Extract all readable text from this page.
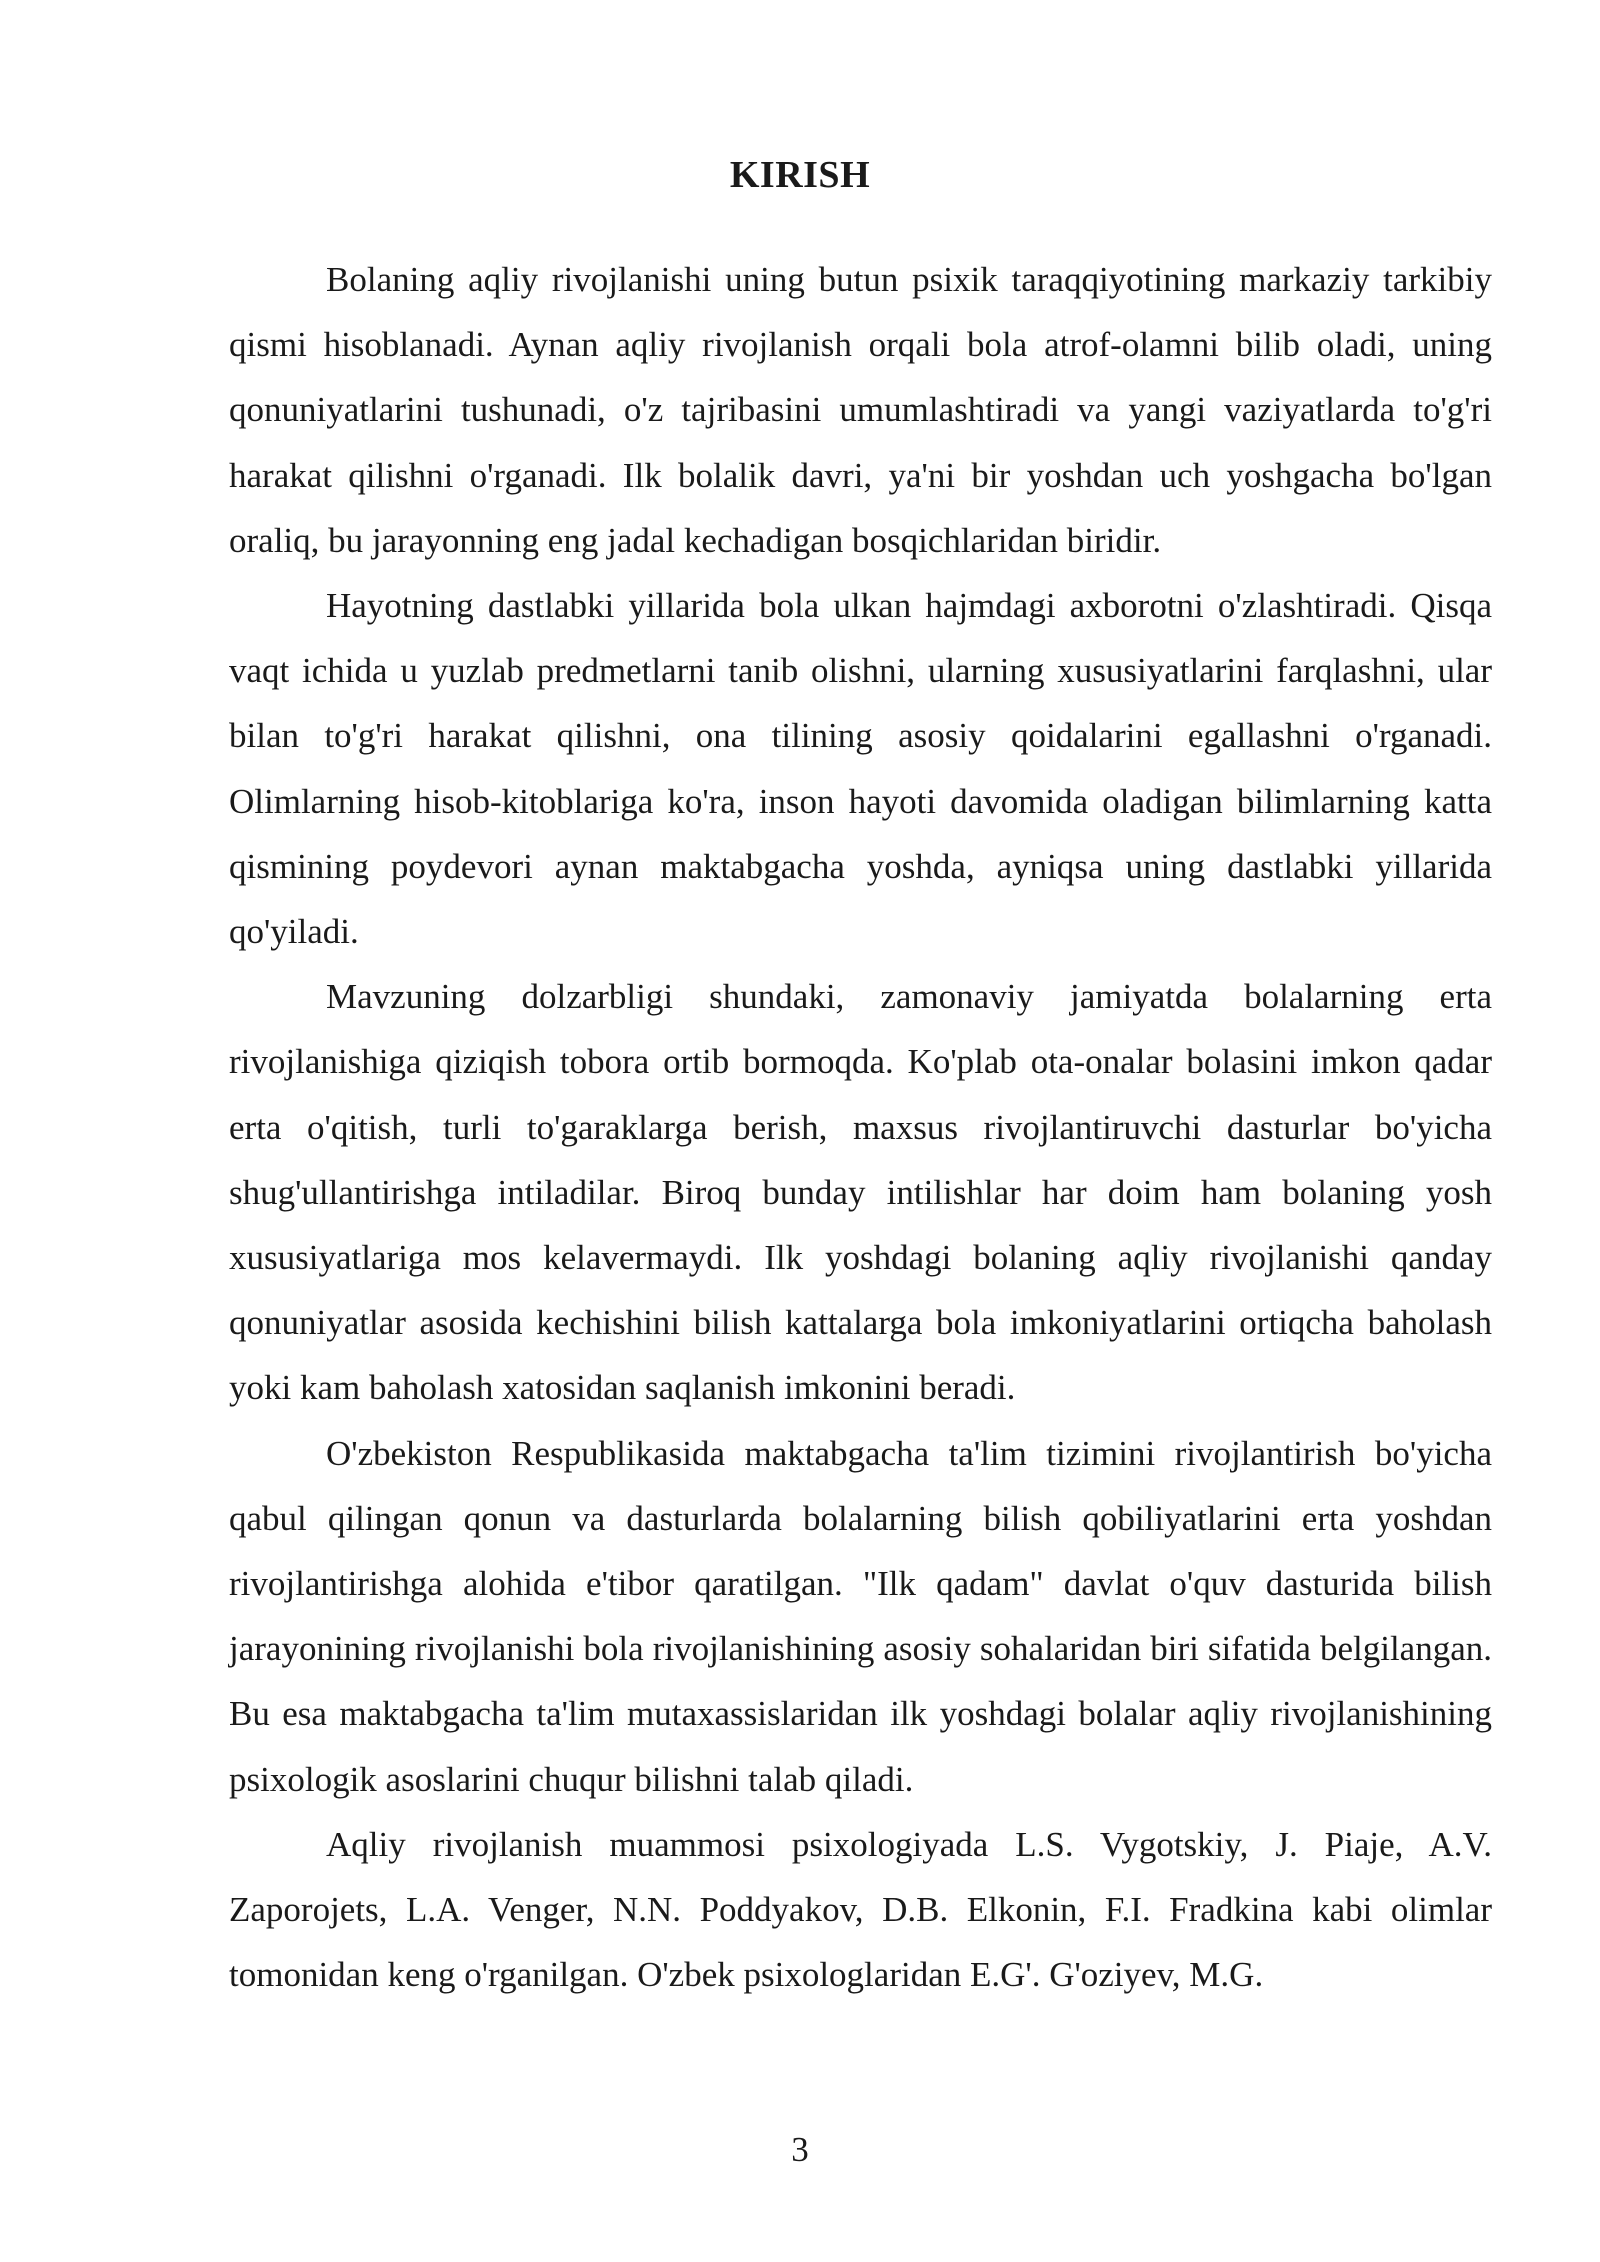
KIRISH

Bolaning aqliy rivojlanishi uning butun psixik taraqqiyotining markaziy tarkibiy qismi hisoblanadi. Aynan aqliy rivojlanish orqali bola atrof-olamni bilib oladi, uning qonuniyatlarini tushunadi, o'z tajribasini umumlashtiradi va yangi vaziyatlarda to'g'ri harakat qilishni o'rganadi. Ilk bolalik davri, ya'ni bir yoshdan uch yoshgacha bo'lgan oraliq, bu jarayonning eng jadal kechadigan bosqichlaridan biridir.

Hayotning dastlabki yillarida bola ulkan hajmdagi axborotni o'zlashtiradi. Qisqa vaqt ichida u yuzlab predmetlarni tanib olishni, ularning xususiyatlarini farqlashni, ular bilan to'g'ri harakat qilishni, ona tilining asosiy qoidalarini egallashni o'rganadi. Olimlarning hisob-kitoblariga ko'ra, inson hayoti davomida oladigan bilimlarning katta qismining poydevori aynan maktabgacha yoshda, ayniqsa uning dastlabki yillarida qo'yiladi.

Mavzuning dolzarbligi shundaki, zamonaviy jamiyatda bolalarning erta rivojlanishiga qiziqish tobora ortib bormoqda. Ko'plab ota-onalar bolasini imkon qadar erta o'qitish, turli to'garaklarga berish, maxsus rivojlantiruvchi dasturlar bo'yicha shug'ullantirishga intiladilar. Biroq bunday intilishlar har doim ham bolaning yosh xususiyatlariga mos kelavermaydi. Ilk yoshdagi bolaning aqliy rivojlanishi qanday qonuniyatlar asosida kechishini bilish kattalarga bola imkoniyatlarini ortiqcha baholash yoki kam baholash xatosidan saqlanish imkonini beradi.

O'zbekiston Respublikasida maktabgacha ta'lim tizimini rivojlantirish bo'yicha qabul qilingan qonun va dasturlarda bolalarning bilish qobiliyatlarini erta yoshdan rivojlantirishga alohida e'tibor qaratilgan. "Ilk qadam" davlat o'quv dasturida bilish jarayonining rivojlanishi bola rivojlanishining asosiy sohalaridan biri sifatida belgilangan. Bu esa maktabgacha ta'lim mutaxassislaridan ilk yoshdagi bolalar aqliy rivojlanishining psixologik asoslarini chuqur bilishni talab qiladi.

Aqliy rivojlanish muammosi psixologiyada L.S. Vygotskiy, J. Piaje, A.V. Zaporojets, L.A. Venger, N.N. Poddyakov, D.B. Elkonin, F.I. Fradkina kabi olimlar tomonidan keng o'rganilgan. O'zbek psixologlaridan E.G'. G'oziyev, M.G.

3
